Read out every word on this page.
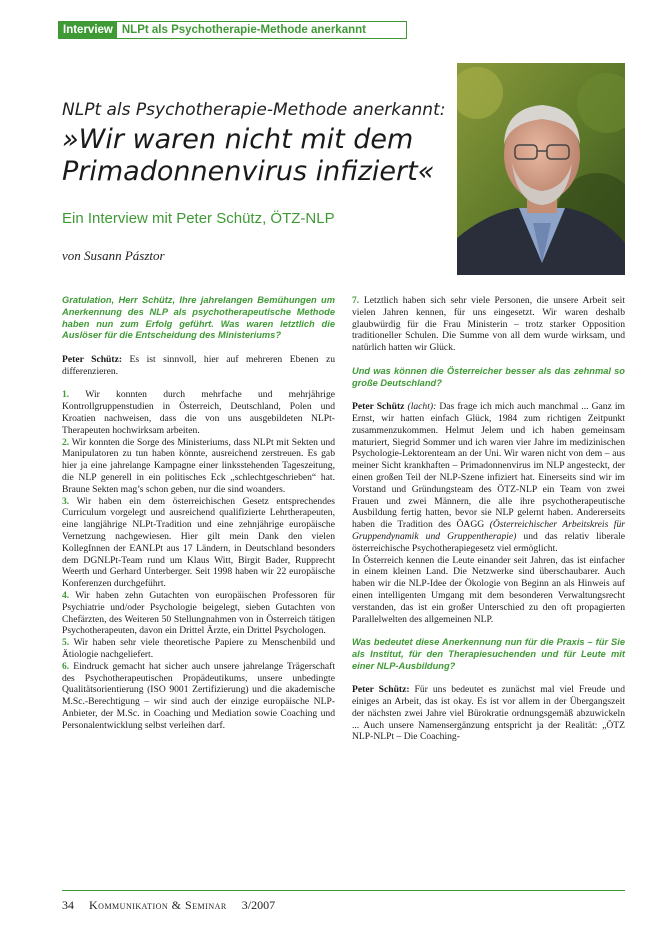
Interview NLPt als Psychotherapie-Methode anerkannt
NLPt als Psychotherapie-Methode anerkannt:
»Wir waren nicht mit dem
Primadonnenvirus infiziert«
Ein Interview mit Peter Schütz, ÖTZ-NLP
von Susann Pásztor

Gratulation, Herr Schütz, Ihre jahrelangen Bemühungen um Anerkennung des NLP als psychotherapeutische Methode haben nun zum Erfolg geführt. Was waren letztlich die Auslöser für die Entscheidung des Ministeriums?

Peter Schütz: Es ist sinnvoll, hier auf mehreren Ebenen zu differenzieren.

1. Wir konnten durch mehrfache und mehrjährige Kontrollgruppenstudien in Österreich, Deutschland, Polen und Kroatien nachweisen, dass die von uns ausgebildeten NLPt-Therapeuten hochwirksam arbeiten.

2. Wir konnten die Sorge des Ministeriums, dass NLPt mit Sekten und Manipulatoren zu tun haben könnte, ausreichend zerstreuen. Es gab hier ja eine jahrelange Kampagne einer linksstehenden Tageszeitung, die NLP generell in ein politisches Eck „schlechtgeschrieben“ hat. Braune Sekten mag’s schon geben, nur die sind woanders.

3. Wir haben ein dem österreichischen Gesetz entsprechendes Curriculum vorgelegt und ausreichend qualifizierte Lehrtherapeuten, eine langjährige NLPt-Tradition und eine zehnjährige europäische Vernetzung nachgewiesen. Hier gilt mein Dank den vielen KollegInnen der EANLPt aus 17 Ländern, in Deutschland besonders dem DGNLPt-Team rund um Klaus Witt, Birgit Bader, Rupprecht Weerth und Gerhard Unterberger. Seit 1998 haben wir 22 europäische Konferenzen durchgeführt.

4. Wir haben zehn Gutachten von europäischen Professoren für Psychiatrie und/oder Psychologie beigelegt, sieben Gutachten von Chefärzten, des Weiteren 50 Stellungnahmen von in Österreich tätigen Psychotherapeuten, davon ein Drittel Ärzte, ein Drittel Psychologen.

5. Wir haben sehr viele theoretische Papiere zu Menschenbild und Ätiologie nachgeliefert.

6. Eindruck gemacht hat sicher auch unsere jahrelange Trägerschaft des Psychotherapeutischen Propädeutikums, unsere unbedingte Qualitätsorientierung (ISO 9001 Zertifizierung) und die akademische M.Sc.-Berechtigung – wir sind auch der einzige europäische NLP-Anbieter, der M.Sc. in Coaching und Mediation sowie Coaching und Personalentwicklung selbst verleihen darf.

7. Letztlich haben sich sehr viele Personen, die unsere Arbeit seit vielen Jahren kennen, für uns eingesetzt. Wir waren deshalb glaubwürdig für die Frau Ministerin – trotz starker Opposition traditioneller Schulen. Die Summe von all dem wurde wirksam, und natürlich hatten wir Glück.

Und was können die Österreicher besser als das zehnmal so große Deutschland?

Peter Schütz (lacht): Das frage ich mich auch manchmal ... Ganz im Ernst, wir hatten einfach Glück, 1984 zum richtigen Zeitpunkt zusammenzukommen. Helmut Jelem und ich haben gemeinsam maturiert, Siegrid Sommer und ich waren vier Jahre im medizinischen Psychologie-Lektorenteam an der Uni. Wir waren nicht von dem – aus meiner Sicht krankhaften – Primadonnenvirus im NLP angesteckt, der einen großen Teil der NLP-Szene infiziert hat. Einerseits sind wir im Vorstand und Gründungsteam des ÖTZ-NLP ein Team von zwei Frauen und zwei Männern, die alle ihre psychotherapeutische Ausbildung fertig hatten, bevor sie NLP gelernt haben. Andererseits haben die Tradition des ÖAGG (Österreichischer Arbeitskreis für Gruppendynamik und Gruppentherapie) und das relativ liberale österreichische Psychotherapiegesetz viel ermöglicht.

In Österreich kennen die Leute einander seit Jahren, das ist einfacher in einem kleinen Land. Die Netzwerke sind überschaubarer. Auch haben wir die NLP-Idee der Ökologie von Beginn an als Hinweis auf einen intelligenten Umgang mit dem besonderen Verwaltungsrecht verstanden, das ist ein großer Unterschied zu den oft propagierten Parallelwelten des allgemeinen NLP.

Was bedeutet diese Anerkennung nun für die Praxis – für Sie als Institut, für den Therapiesuchenden und für Leute mit einer NLP-Ausbildung?

Peter Schütz: Für uns bedeutet es zunächst mal viel Freude und einiges an Arbeit, das ist okay. Es ist vor allem in der Übergangszeit der nächsten zwei Jahre viel Bürokratie ordnungsgemäß abzuwickeln ... Auch unsere Namensergänzung entspricht ja der Realität: „ÖTZ NLP-NLPt – Die Coaching-

34 Kommunikation & Seminar 3/2007
